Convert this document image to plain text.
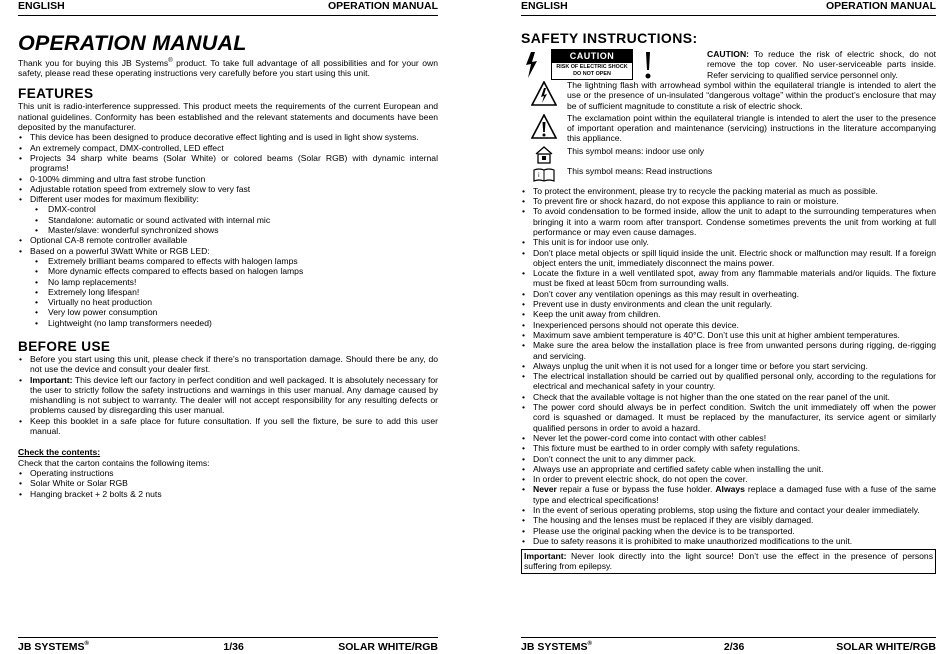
ENGLISH	OPERATION MANUAL
OPERATION MANUAL

Thank you for buying this JB Systems® product. To take full advantage of all possibilities and for your own safety, please read these operating instructions very carefully before you start using this unit.

FEATURES

This unit is radio-interference suppressed. This product meets the requirements of the current European and national guidelines. Conformity has been established and the relevant statements and documents have been deposited by the manufacturer.

• This device has been designed to produce decorative effect lighting and is used in light show systems.
• An extremely compact, DMX-controlled, LED effect
• Projects 34 sharp white beams (Solar White) or colored beams (Solar RGB) with dynamic internal programs!
• 0-100% dimming and ultra fast strobe function
• Adjustable rotation speed from extremely slow to very fast
• Different user modes for maximum flexibility:
• DMX-control
• Standalone: automatic or sound activated with internal mic
• Master/slave: wonderful synchronized shows
• Optional CA-8 remote controller available
• Based on a powerful 3Watt White or RGB LED:
• Extremely brilliant beams compared to effects with halogen lamps
• More dynamic effects compared to effects based on halogen lamps
• No lamp replacements!
• Extremely long lifespan!
• Virtually no heat production
• Very low power consumption
• Lightweight (no lamp transformers needed)
BEFORE USE
• Before you start using this unit, please check if there’s no transportation damage. Should there be any, do not use the device and consult your dealer first.
• Important: This device left our factory in perfect condition and well packaged. It is absolutely necessary for the user to strictly follow the safety instructions and warnings in this user manual. Any damage caused by mishandling is not subject to warranty. The dealer will not accept responsibility for any resulting defects or problems caused by disregarding this user manual.
• Keep this booklet in a safe place for future consultation. If you sell the fixture, be sure to add this user manual.

Check the contents:

Check that the carton contains the following items:

• Operating instructions
• Solar White or Solar RGB
• Hanging bracket + 2 bolts & 2 nuts
JB SYSTEMS®	1/36	SOLAR WHITE/RGB
ENGLISH	OPERATION MANUAL
SAFETY INSTRUCTIONS:
CAUTION
RISK OF ELECTRIC SHOCK
DO NOT OPEN

CAUTION: To reduce the risk of electric shock, do not remove the top cover. No user-serviceable parts inside. Refer servicing to qualified service personnel only.

The lightning flash with arrowhead symbol within the equilateral triangle is intended to alert the use or the presence of un-insulated “dangerous voltage” within the product’s enclosure that may be of sufficient magnitude to constitute a risk of electric shock.
The exclamation point within the equilateral triangle is intended to alert the user to the presence of important operation and maintenance (servicing) instructions in the literature accompanying this appliance.
This symbol means: indoor use only
i	This symbol means: Read instructions
• To protect the environment, please try to recycle the packing material as much as possible.
• To prevent fire or shock hazard, do not expose this appliance to rain or moisture.
• To avoid condensation to be formed inside, allow the unit to adapt to the surrounding temperatures when bringing it into a warm room after transport. Condense sometimes prevents the unit from working at full performance or may even cause damages.
• This unit is for indoor use only.
• Don’t place metal objects or spill liquid inside the unit. Electric shock or malfunction may result. If a foreign object enters the unit, immediately disconnect the mains power.
• Locate the fixture in a well ventilated spot, away from any flammable materials and/or liquids. The fixture must be fixed at least 50cm from surrounding walls.
• Don’t cover any ventilation openings as this may result in overheating.
• Prevent use in dusty environments and clean the unit regularly.
• Keep the unit away from children.
• Inexperienced persons should not operate this device.
• Maximum save ambient temperature is 40°C. Don’t use this unit at higher ambient temperatures.
• Make sure the area below the installation place is free from unwanted persons during rigging, de-rigging and servicing.
• Always unplug the unit when it is not used for a longer time or before you start servicing.
• The electrical installation should be carried out by qualified personal only, according to the regulations for electrical and mechanical safety in your country.
• Check that the available voltage is not higher than the one stated on the rear panel of the unit.
• The power cord should always be in perfect condition. Switch the unit immediately off when the power cord is squashed or damaged. It must be replaced by the manufacturer, its service agent or similarly qualified persons in order to avoid a hazard.
• Never let the power-cord come into contact with other cables!
• This fixture must be earthed to in order comply with safety regulations.
• Don’t connect the unit to any dimmer pack.
• Always use an appropriate and certified safety cable when installing the unit.
• In order to prevent electric shock, do not open the cover.
• Never repair a fuse or bypass the fuse holder. Always replace a damaged fuse with a fuse of the same type and electrical specifications!
• In the event of serious operating problems, stop using the fixture and contact your dealer immediately.
• The housing and the lenses must be replaced if they are visibly damaged.
• Please use the original packing when the device is to be transported.
• Due to safety reasons it is prohibited to make unauthorized modifications to the unit.
Important: Never look directly into the light source! Don’t use the effect in the presence of persons suffering from epilepsy.
JB SYSTEMS®	2/36	SOLAR WHITE/RGB
